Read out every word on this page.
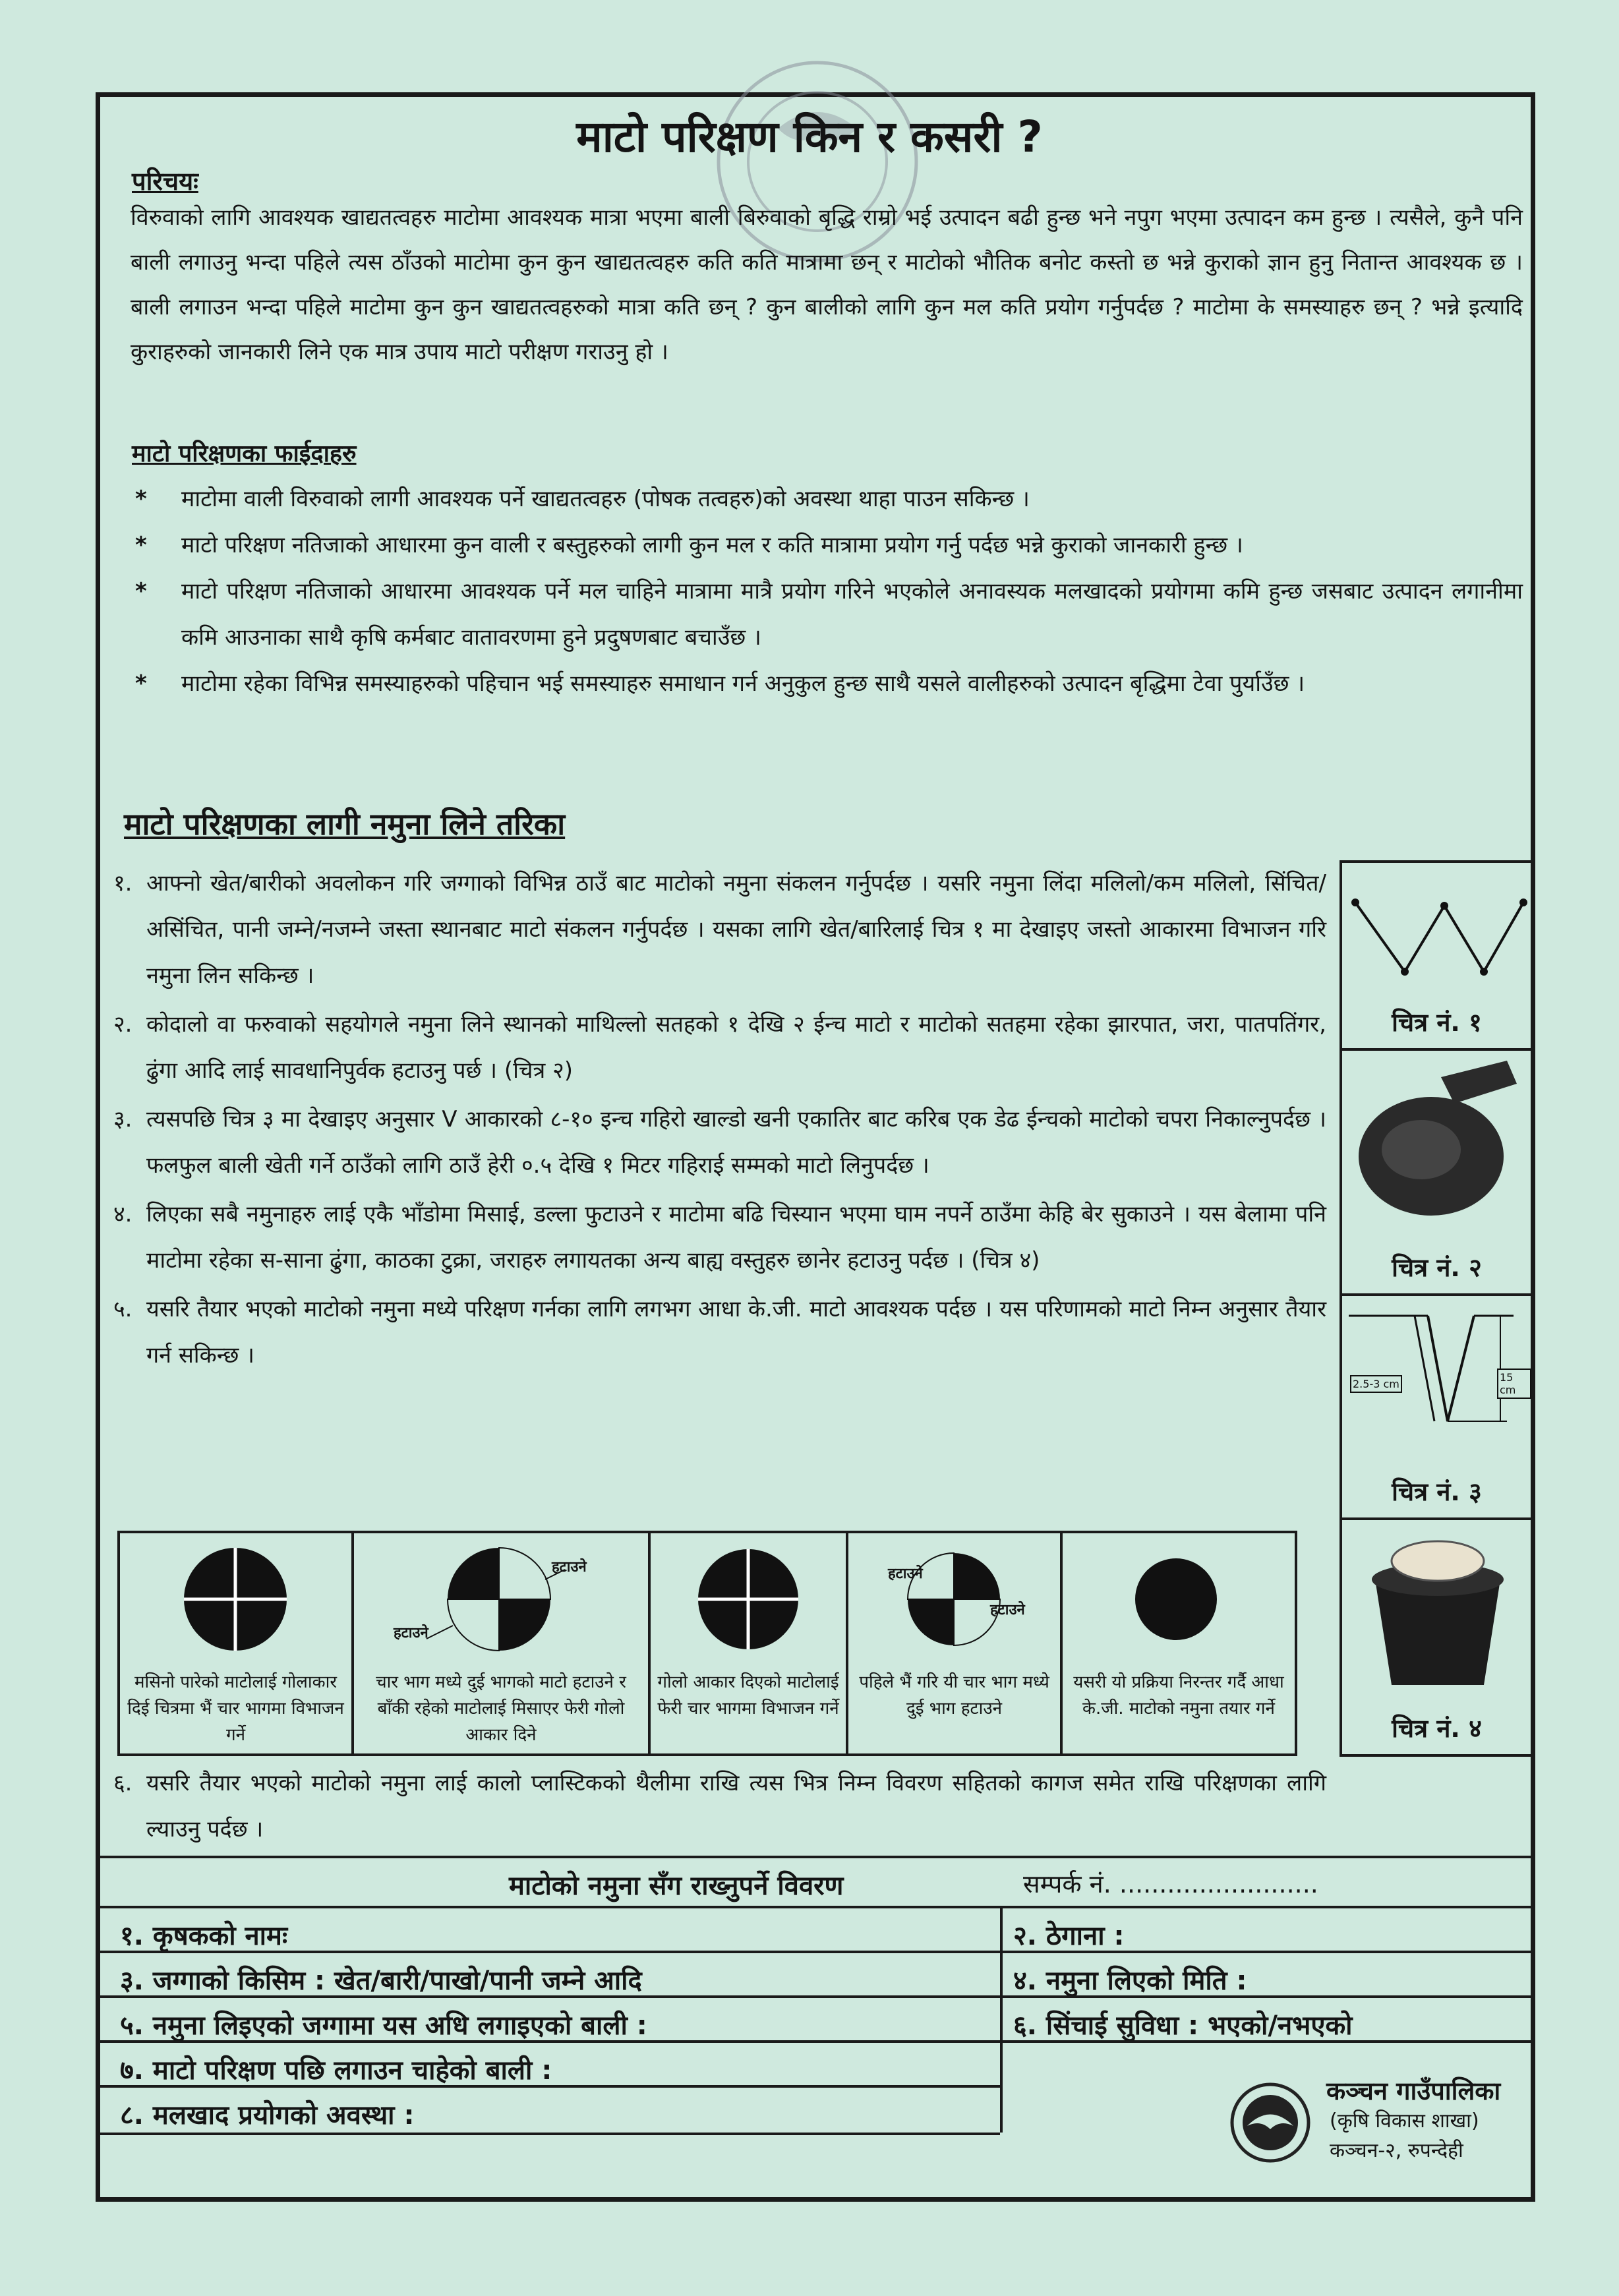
माटो परिक्षण किन र कसरी ?
परिचयः
विरुवाको लागि आवश्यक खाद्यतत्वहरु माटोमा आवश्यक मात्रा भएमा बाली बिरुवाको बृद्धि राम्रो भई उत्पादन बढी हुन्छ भने नपुग भएमा उत्पादन कम हुन्छ । त्यसैले, कुनै पनि बाली लगाउनु भन्दा पहिले त्यस ठाँउको माटोमा कुन कुन खाद्यतत्वहरु कति कति मात्रामा छन् र माटोको भौतिक बनोट कस्तो छ भन्ने कुराको ज्ञान हुनु नितान्त आवश्यक छ । बाली लगाउन भन्दा पहिले माटोमा कुन कुन खाद्यतत्वहरुको मात्रा कति छन् ? कुन बालीको लागि कुन मल कति प्रयोग गर्नुपर्दछ ? माटोमा के समस्याहरु छन् ? भन्ने इत्यादि कुराहरुको जानकारी लिने एक मात्र उपाय माटो परीक्षण गराउनु हो ।
माटो परिक्षणका फाईदाहरु
*	माटोमा वाली विरुवाको लागी आवश्यक पर्ने खाद्यतत्वहरु (पोषक तत्वहरु)को अवस्था थाहा पाउन सकिन्छ ।
*	माटो परिक्षण नतिजाको आधारमा कुन वाली र बस्तुहरुको लागी कुन मल र कति मात्रामा प्रयोग गर्नु पर्दछ भन्ने कुराको जानकारी हुन्छ ।
*	माटो परिक्षण नतिजाको आधारमा आवश्यक पर्ने मल चाहिने मात्रामा मात्रै प्रयोग गरिने भएकोले अनावस्यक मलखादको प्रयोगमा कमि हुन्छ जसबाट उत्पादन लगानीमा कमि आउनाका साथै कृषि कर्मबाट वातावरणमा हुने प्रदुषणबाट बचाउँछ ।
*	माटोमा रहेका विभिन्न समस्याहरुको पहिचान भई समस्याहरु समाधान गर्न अनुकुल हुन्छ साथै यसले वालीहरुको उत्पादन बृद्धिमा टेवा पुर्याउँछ ।
माटो परिक्षणका लागी नमुना लिने तरिका
१. आफ्नो खेत/बारीको अवलोकन गरि जग्गाको विभिन्न ठाउँ बाट माटोको नमुना संकलन गर्नुपर्दछ । यसरि नमुना लिंदा मलिलो/कम मलिलो, सिंचित/असिंचित, पानी जम्ने/नजम्ने जस्ता स्थानबाट माटो संकलन गर्नुपर्दछ । यसका लागि खेत/बारिलाई चित्र १ मा देखाइए जस्तो आकारमा विभाजन गरि नमुना लिन सकिन्छ ।
२. कोदालो वा फरुवाको सहयोगले नमुना लिने स्थानको माथिल्लो सतहको १ देखि २ ईन्च माटो र माटोको सतहमा रहेका झारपात, जरा, पातपतिंगर, ढुंगा आदि लाई सावधानिपुर्वक हटाउनु पर्छ । (चित्र २)
३. त्यसपछि चित्र ३ मा देखाइए अनुसार V आकारको ८-१० इन्च गहिरो खाल्डो खनी एकातिर बाट करिब एक डेढ ईन्चको माटोको चपरा निकाल्नुपर्दछ । फलफुल बाली खेती गर्ने ठाउँको लागि ठाउँ हेरी ०.५ देखि १ मिटर गहिराई सम्मको माटो लिनुपर्दछ ।
४. लिएका सबै नमुनाहरु लाई एकै भाँडोमा मिसाई, डल्ला फुटाउने र माटोमा बढि चिस्यान भएमा घाम नपर्ने ठाउँमा केहि बेर सुकाउने । यस बेलामा पनि माटोमा रहेका स-साना ढुंगा, काठका टुक्रा, जराहरु लगायतका अन्य बाह्य वस्तुहरु छानेर हटाउनु पर्दछ । (चित्र ४)
५. यसरि तैयार भएको माटोको नमुना मध्ये परिक्षण गर्नका लागि लगभग आधा के.जी. माटो आवश्यक पर्दछ । यस परिणामको माटो निम्न अनुसार तैयार गर्न सकिन्छ ।
चित्र नं. १
चित्र नं. २
2.5-3 cm
15 cm
चित्र नं. ३
चित्र नं. ४
मसिनो पारेको माटोलाई गोलाकार दिई चित्रमा भैं चार भागमा विभाजन गर्ने
हटाउने
हटाउने
चार भाग मध्ये दुई भागको माटो हटाउने र बाँकी रहेको माटोलाई मिसाएर फेरी गोलो आकार दिने
गोलो आकार दिएको माटोलाई फेरी चार भागमा विभाजन गर्ने
हटाउने
हटाउने
पहिले भैं गरि यी चार भाग मध्ये दुई भाग हटाउने
यसरी यो प्रक्रिया निरन्तर गर्दै आधा के.जी. माटोको नमुना तयार गर्ने
६. यसरि तैयार भएको माटोको नमुना लाई कालो प्लास्टिकको थैलीमा राखि त्यस भित्र निम्न विवरण सहितको कागज समेत राखि परिक्षणका लागि ल्याउनु पर्दछ ।
माटोको नमुना सँग राख्नुपर्ने विवरण	सम्पर्क नं. .........................
१. कृषकको नामः	२. ठेगाना :
३. जग्गाको किसिम : खेत/बारी/पाखो/पानी जम्ने आदि	४. नमुना लिएको मिति :
५. नमुना लिइएको जग्गामा यस अधि लगाइएको बाली :	६. सिंचाई सुविधा : भएको/नभएको
७. माटो परिक्षण पछि लगाउन चाहेको बाली :
८. मलखाद प्रयोगको अवस्था :
कञ्चन गाउँपालिका
(कृषि विकास शाखा)
कञ्चन-२, रुपन्देही
